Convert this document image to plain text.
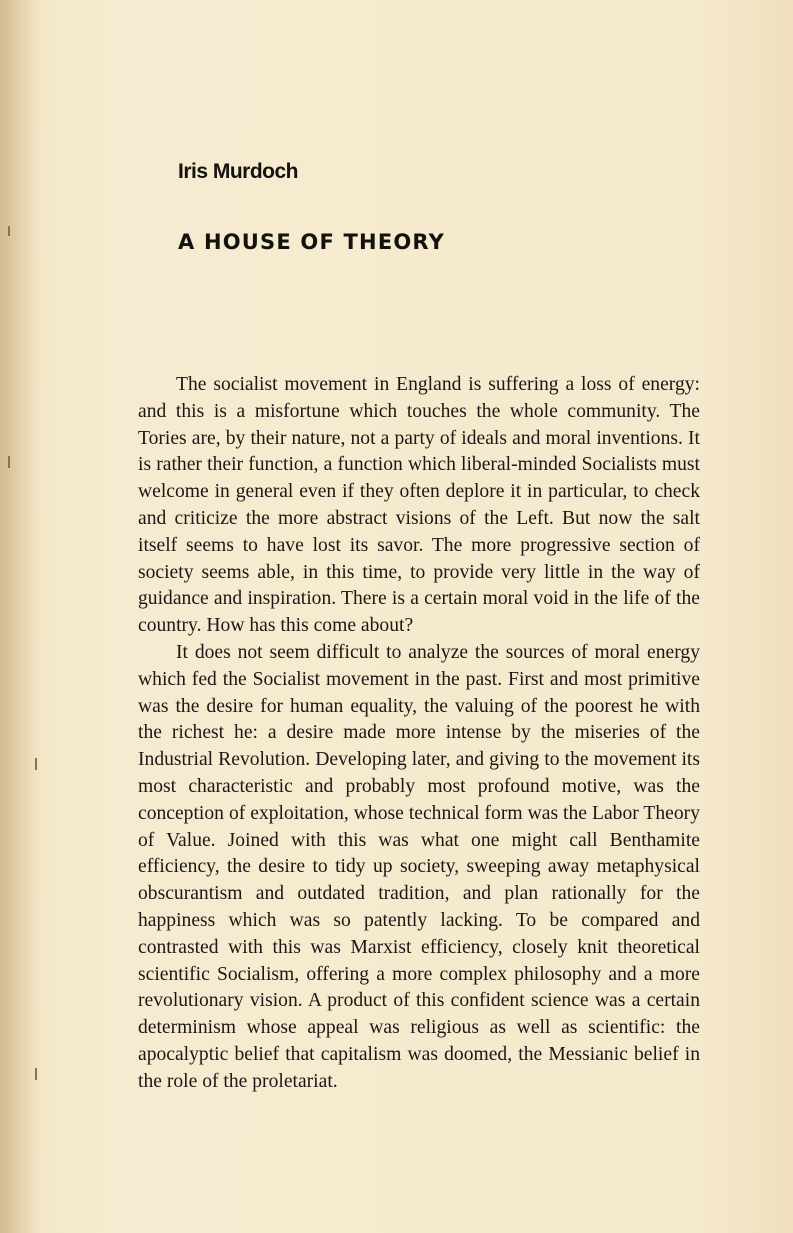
Iris Murdoch
A HOUSE OF THEORY

The socialist movement in England is suffering a loss of energy: and this is a misfortune which touches the whole community. The Tories are, by their nature, not a party of ideals and moral inventions. It is rather their function, a function which liberal-minded Socialists must welcome in general even if they often deplore it in particular, to check and criticize the more abstract visions of the Left. But now the salt itself seems to have lost its savor. The more progressive section of society seems able, in this time, to provide very little in the way of guidance and inspiration. There is a certain moral void in the life of the country. How has this come about?

It does not seem difficult to analyze the sources of moral energy which fed the Socialist movement in the past. First and most primitive was the desire for human equality, the valuing of the poorest he with the richest he: a desire made more intense by the miseries of the Industrial Revolution. Developing later, and giving to the movement its most characteristic and probably most profound motive, was the conception of exploitation, whose technical form was the Labor Theory of Value. Joined with this was what one might call Benthamite efficiency, the desire to tidy up society, sweeping away metaphysical obscurantism and outdated tradition, and plan rationally for the happiness which was so patently lacking. To be compared and contrasted with this was Marxist efficiency, closely knit theoretical scientific Socialism, offering a more complex philosophy and a more revolutionary vision. A product of this confident science was a certain determinism whose appeal was religious as well as scientific: the apocalyptic belief that capitalism was doomed, the Messianic belief in the role of the proletariat.
